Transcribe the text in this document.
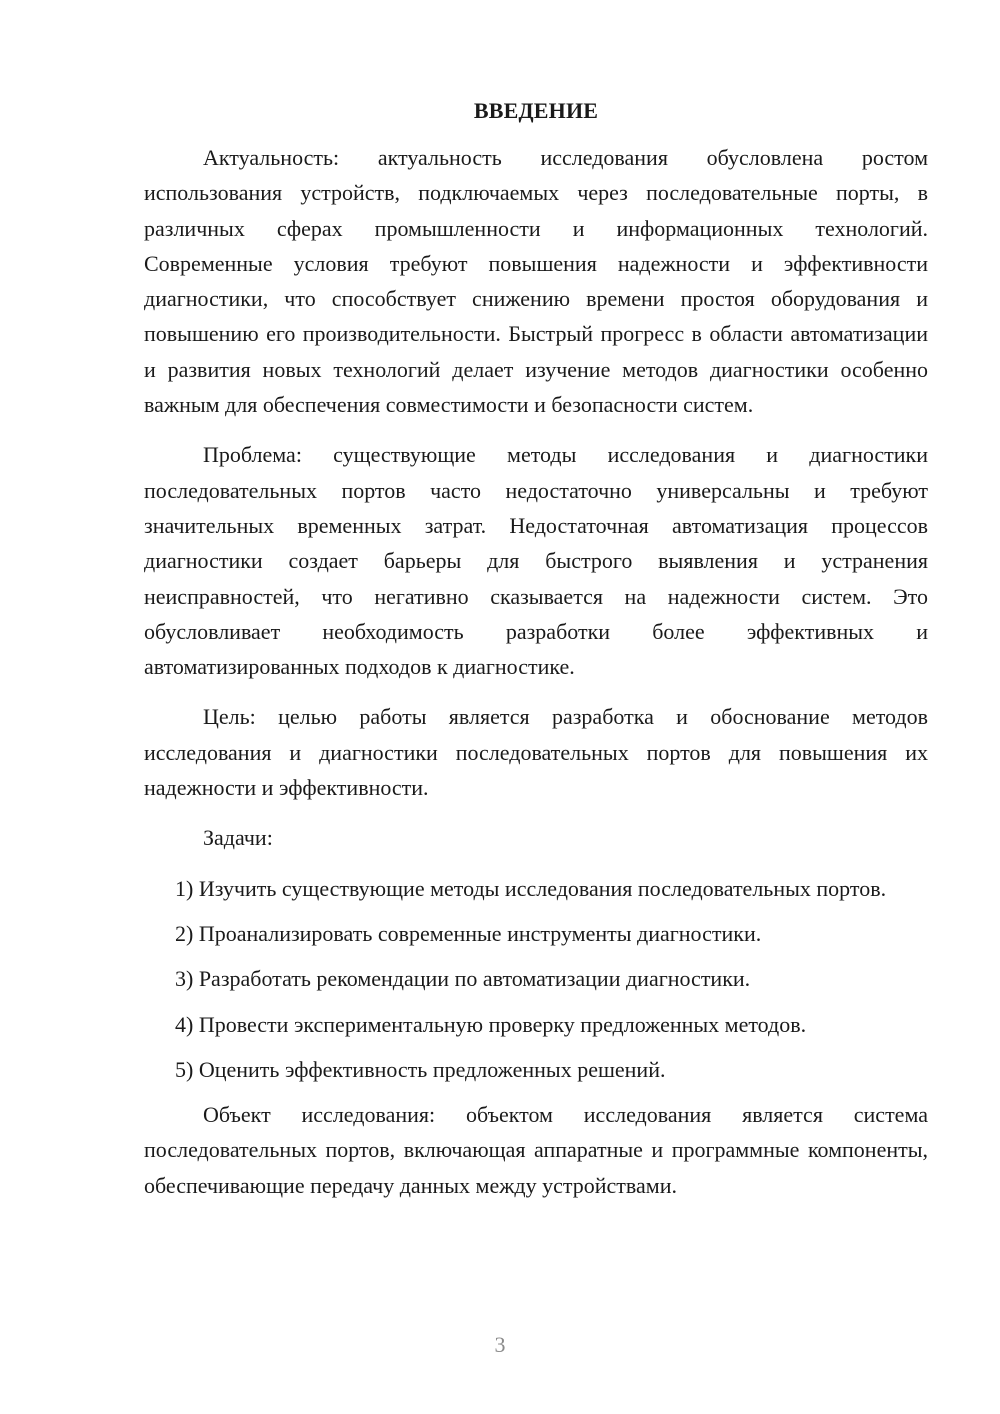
ВВЕДЕНИЕ

Актуальность: актуальность исследования обусловлена ростом использования устройств, подключаемых через последовательные порты, в различных сферах промышленности и информационных технологий. Современные условия требуют повышения надежности и эффективности диагностики, что способствует снижению времени простоя оборудования и повышению его производительности. Быстрый прогресс в области автоматизации и развития новых технологий делает изучение методов диагностики особенно важным для обеспечения совместимости и безопасности систем.

Проблема: существующие методы исследования и диагностики последовательных портов часто недостаточно универсальны и требуют значительных временных затрат. Недостаточная автоматизация процессов диагностики создает барьеры для быстрого выявления и устранения неисправностей, что негативно сказывается на надежности систем. Это обусловливает необходимость разработки более эффективных и автоматизированных подходов к диагностике.

Цель: целью работы является разработка и обоснование методов исследования и диагностики последовательных портов для повышения их надежности и эффективности.

Задачи:

1) Изучить существующие методы исследования последовательных портов.

2) Проанализировать современные инструменты диагностики.

3) Разработать рекомендации по автоматизации диагностики.

4) Провести экспериментальную проверку предложенных методов.

5) Оценить эффективность предложенных решений.

Объект исследования: объектом исследования является система последовательных портов, включающая аппаратные и программные компоненты, обеспечивающие передачу данных между устройствами.

3
